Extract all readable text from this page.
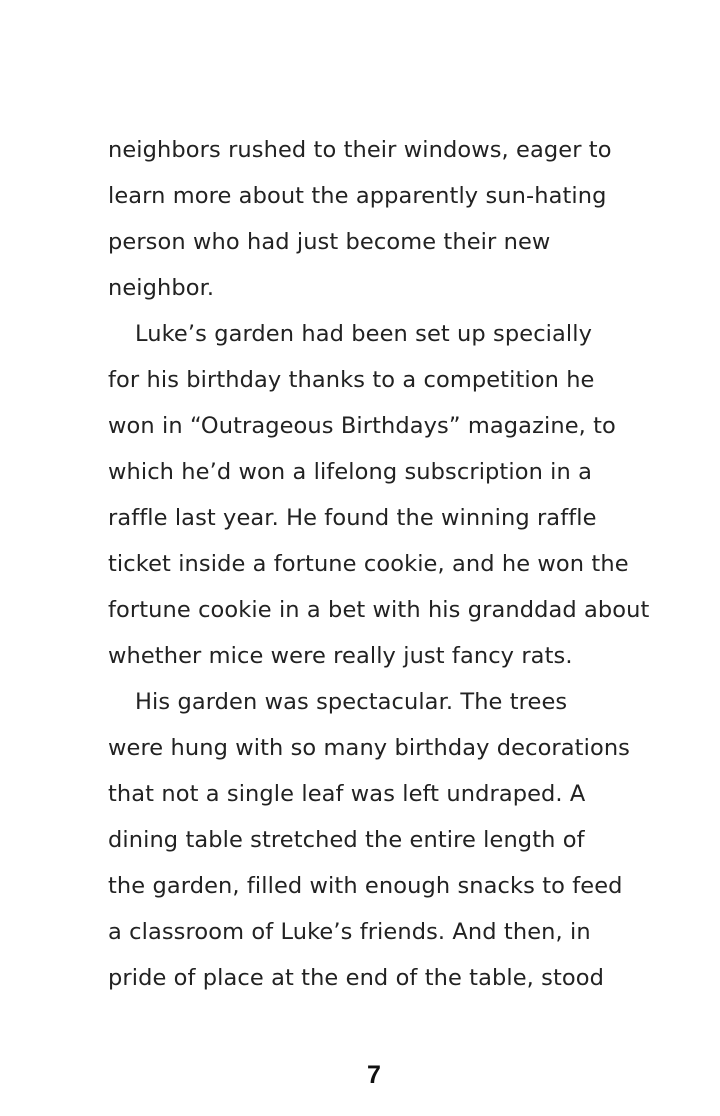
neighbors rushed to their windows, eager to
learn more about the apparently sun-hating
person who had just become their new
neighbor.
Luke’s garden had been set up specially
for his birthday thanks to a competition he
won in “Outrageous Birthdays” magazine, to
which he’d won a lifelong subscription in a
raffle last year. He found the winning raffle
ticket inside a fortune cookie, and he won the
fortune cookie in a bet with his granddad about
whether mice were really just fancy rats.
His garden was spectacular. The trees
were hung with so many birthday decorations
that not a single leaf was left undraped. A
dining table stretched the entire length of
the garden, filled with enough snacks to feed
a classroom of Luke’s friends. And then, in
pride of place at the end of the table, stood
7
